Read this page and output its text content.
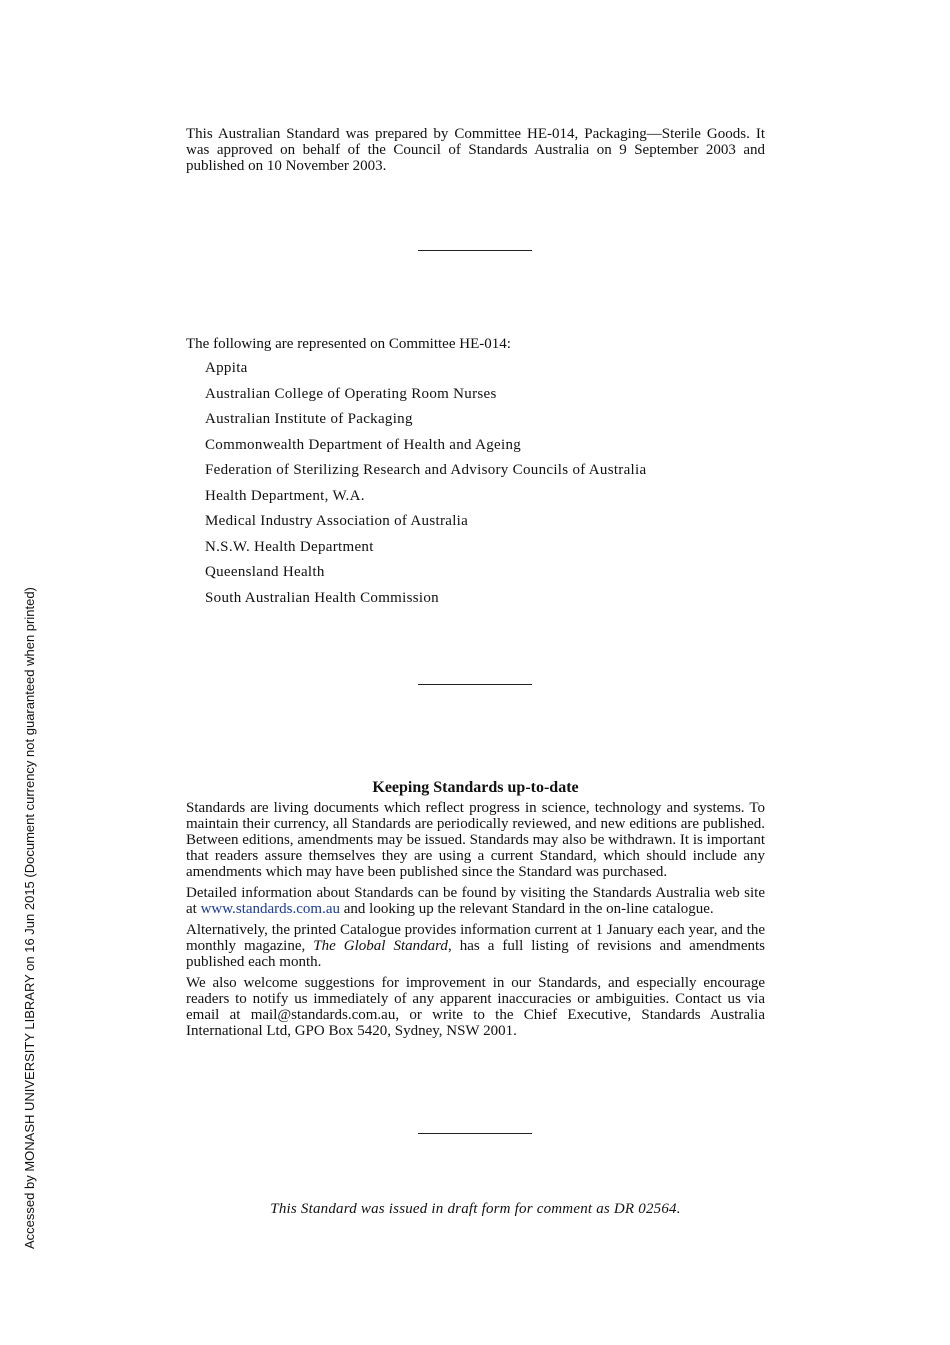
Accessed by MONASH UNIVERSITY LIBRARY on 16 Jun 2015 (Document currency not guaranteed when printed)

This Australian Standard was prepared by Committee HE-014, Packaging—Sterile Goods. It was approved on behalf of the Council of Standards Australia on 9 September 2003 and published on 10 November 2003.

The following are represented on Committee HE-014:
Appita
Australian College of Operating Room Nurses
Australian Institute of Packaging
Commonwealth Department of Health and Ageing
Federation of Sterilizing Research and Advisory Councils of Australia
Health Department, W.A.
Medical Industry Association of Australia
N.S.W. Health Department
Queensland Health
South Australian Health Commission
Keeping Standards up-to-date

Standards are living documents which reflect progress in science, technology and systems. To maintain their currency, all Standards are periodically reviewed, and new editions are published. Between editions, amendments may be issued. Standards may also be withdrawn. It is important that readers assure themselves they are using a current Standard, which should include any amendments which may have been published since the Standard was purchased.

Detailed information about Standards can be found by visiting the Standards Australia web site at www.standards.com.au and looking up the relevant Standard in the on-line catalogue.

Alternatively, the printed Catalogue provides information current at 1 January each year, and the monthly magazine, The Global Standard, has a full listing of revisions and amendments published each month.

We also welcome suggestions for improvement in our Standards, and especially encourage readers to notify us immediately of any apparent inaccuracies or ambiguities. Contact us via email at mail@standards.com.au, or write to the Chief Executive, Standards Australia International Ltd, GPO Box 5420, Sydney, NSW 2001.

This Standard was issued in draft form for comment as DR 02564.
